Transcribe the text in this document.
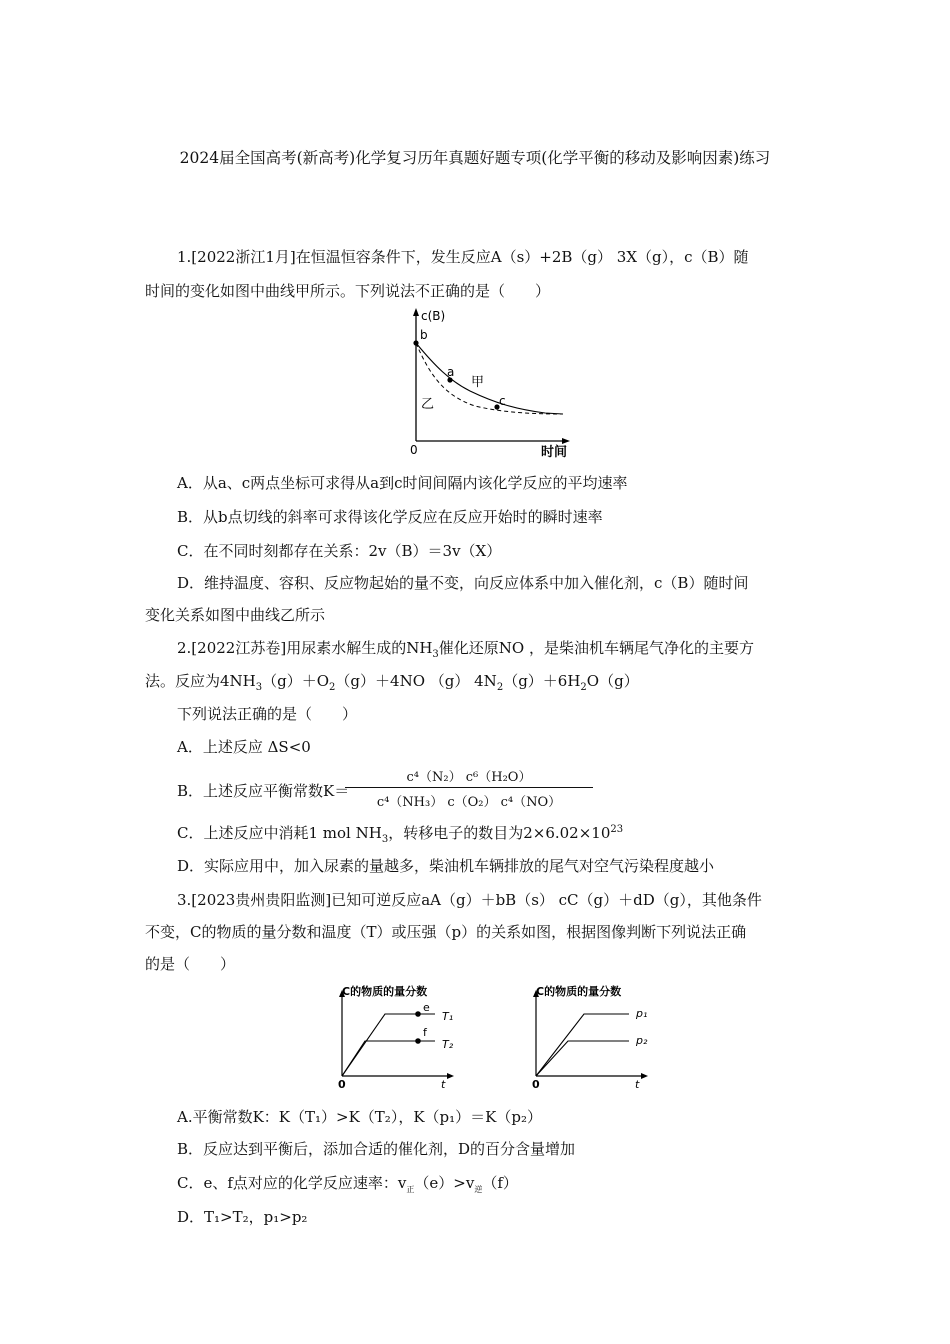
2024届全国高考(新高考)化学复习历年真题好题专项(化学平衡的移动及影响因素)练习
1.[2022浙江1月]在恒温恒容条件下，发生反应A（s）+2B（g） 3X（g），c（B）随
时间的变化如图中曲线甲所示。下列说法不正确的是（　　）
c(B)
b
a
c
甲
乙
0	时间
A．从a、c两点坐标可求得从a到c时间间隔内该化学反应的平均速率
B．从b点切线的斜率可求得该化学反应在反应开始时的瞬时速率
C．在不同时刻都存在关系：2v（B）＝3v（X）
D．维持温度、容积、反应物起始的量不变，向反应体系中加入催化剂，c（B）随时间
变化关系如图中曲线乙所示
2.[2022江苏卷]用尿素水解生成的$NH_3$催化还原NO ，是柴油机车辆尾气净化的主要方
法。反应为$4NH_3(g)+O_2(g)+4NO$ （g） $4N_2(g)+6H_2O(g)$
下列说法正确的是（　　）
A．上述反应 ΔS<0
B．上述反应平衡常数K＝
c⁴（N₂） c⁶（H₂O）
c⁴（NH₃） c（O₂） c⁴（NO）
C．上述反应中消耗1 mol $NH_3$，转移电子的数目为$2\times 6.02\times 10^{23}$
D．实际应用中，加入尿素的量越多，柴油机车辆排放的尾气对空气污染程度越小
3.[2023贵州贵阳监测]已知可逆反应aA（g）＋bB（s） cC（g）＋dD（g），其他条件
不变，C的物质的量分数和温度（T）或压强（p）的关系如图，根据图像判断下列说法正确
的是（　　）
C的物质的量分数
e
f
T₁
T₂
0	t
C的物质的量分数
p₁
p₂
0	t
A.平衡常数K：K（T₁）>K（T₂），K（p₁）＝K（p₂）
B．反应达到平衡后，添加合适的催化剂，D的百分含量增加
C．e、f点对应的化学反应速率：$v_正(e)>v_逆(f)$
D．T₁>T₂，p₁>p₂
